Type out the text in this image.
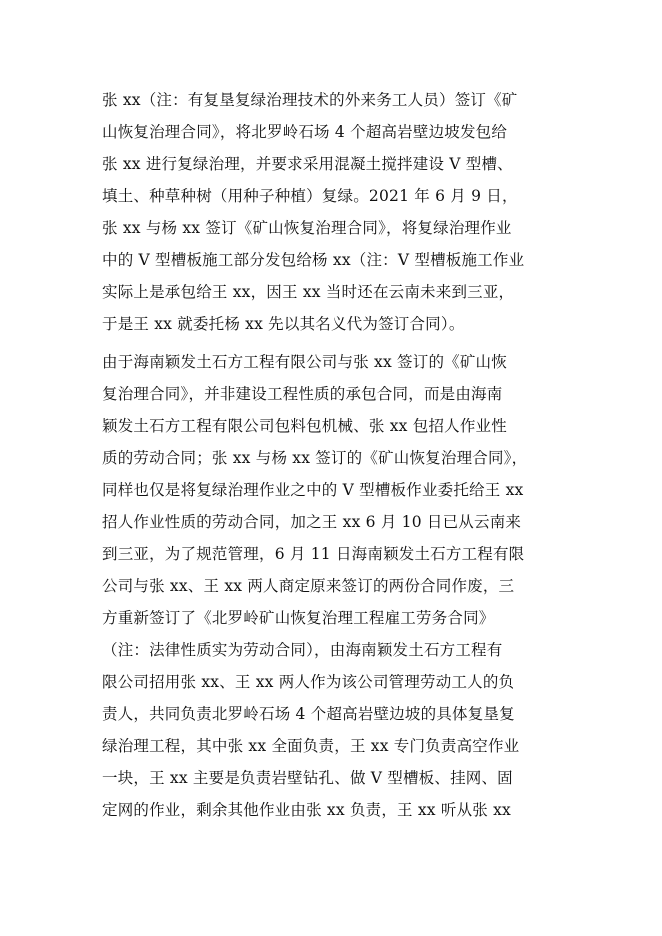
张 xx（注：有复垦复绿治理技术的外来务工人员）签订《矿
山恢复治理合同》，将北罗岭石场 4 个超高岩壁边坡发包给
张 xx 进行复绿治理，并要求采用混凝土搅拌建设 V 型槽、
填土、种草种树（用种子种植）复绿。2021 年 6 月 9 日，
张 xx 与杨 xx 签订《矿山恢复治理合同》，将复绿治理作业
中的 V 型槽板施工部分发包给杨 xx（注：V 型槽板施工作业
实际上是承包给王 xx，因王 xx 当时还在云南未来到三亚，
于是王 xx 就委托杨 xx 先以其名义代为签订合同）。
由于海南颖发土石方工程有限公司与张 xx 签订的《矿山恢
复治理合同》，并非建设工程性质的承包合同，而是由海南
颖发土石方工程有限公司包料包机械、张 xx 包招人作业性
质的劳动合同；张 xx 与杨 xx 签订的《矿山恢复治理合同》，
同样也仅是将复绿治理作业之中的 V 型槽板作业委托给王 xx
招人作业性质的劳动合同，加之王 xx 6 月 10 日已从云南来
到三亚，为了规范管理，6 月 11 日海南颖发土石方工程有限
公司与张 xx、王 xx 两人商定原来签订的两份合同作废，三
方重新签订了《北罗岭矿山恢复治理工程雇工劳务合同》
（注：法律性质实为劳动合同），由海南颖发土石方工程有
限公司招用张 xx、王 xx 两人作为该公司管理劳动工人的负
责人，共同负责北罗岭石场 4 个超高岩壁边坡的具体复垦复
绿治理工程，其中张 xx 全面负责，王 xx 专门负责高空作业
一块，王 xx 主要是负责岩壁钻孔、做 V 型槽板、挂网、固
定网的作业，剩余其他作业由张 xx 负责，王 xx 听从张 xx
